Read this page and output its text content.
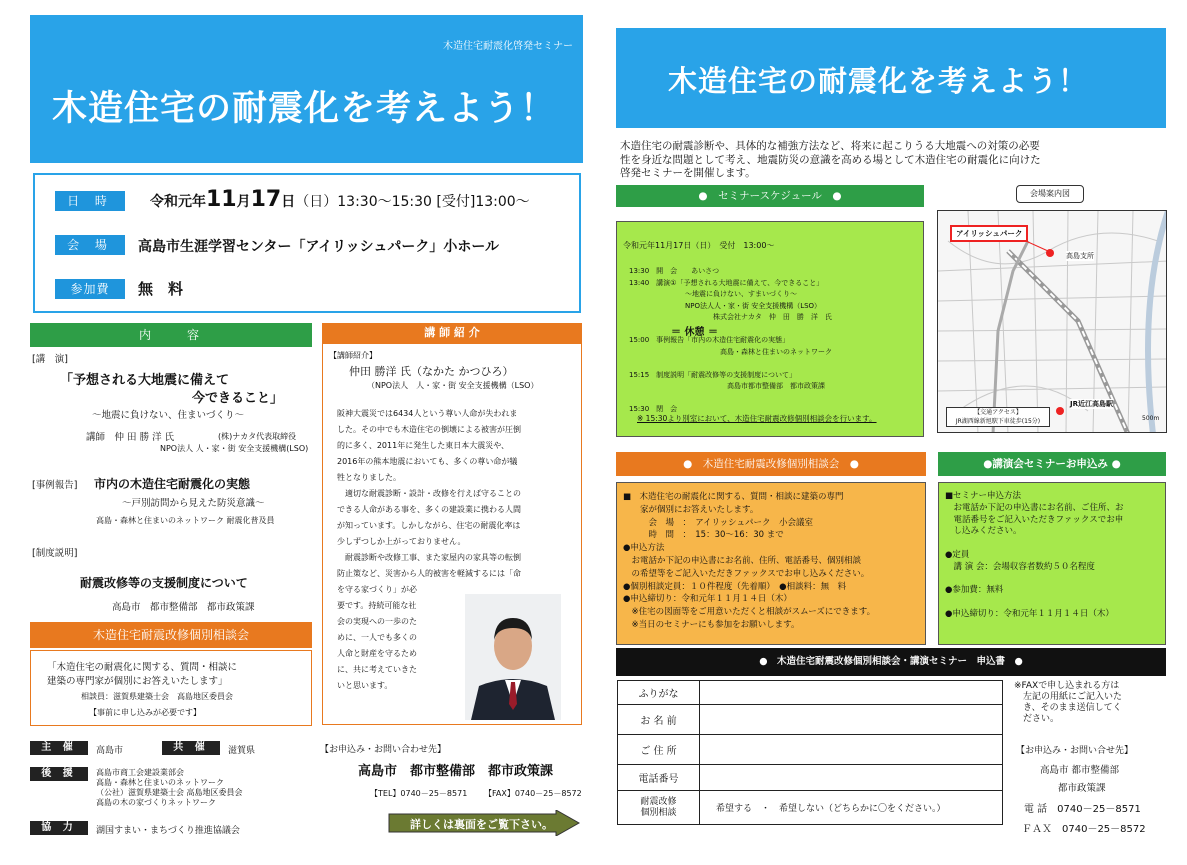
木造住宅耐震化啓発セミナー
木造住宅の耐震化を考えよう！
日 時	令和元年11月17日（日）13:30～15:30 [受付]13:00～
会 場	高島市生涯学習センター「アイリッシュパーク」小ホール
参加費	無　料
内　　容
[講　演]
「予想される大地震に備えて
今できること」
～地震に負けない、住まいづくり～
講師　 仲 田 勝 洋 氏	(株)ナカタ代表取締役
NPO法人 人・家・街 安全支援機構(LSO)
[事例報告] 市内の木造住宅耐震化の実態
～戸別訪問から見えた防災意識～
高島・森林と住まいのネットワーク 耐震化普及員
[制度説明]
耐震改修等の支援制度について
高島市　都市整備部　都市政策課
木造住宅耐震改修個別相談会
「木造住宅の耐震化に関する、質問・相談に
建築の専門家が個別にお答えいたします」
相談員：滋賀県建築士会　高島地区委員会
【事前に申し込みが必要です】
講 師 紹 介
【講師紹介】
仲田 勝洋 氏（なかた かつひろ）
（NPO法人　人・家・街 安全支援機構（LSO）
阪神大震災では6434人という尊い人命が失われま
した。その中でも木造住宅の倒壊による被害が圧倒
的に多く、2011年に発生した東日本大震災や、
2016年の熊本地震においても、多くの尊い命が犠
牲となりました。
　適切な耐震診断・設計・改修を行えば守ることの
できる人命がある事を、多くの建設業に携わる人間
が知っています。しかしながら、住宅の耐震化率は
少しずつしか上がっておりません。
　耐震診断や改修工事、また家屋内の家具等の転倒
防止策など、災害から人的被害を軽減するには「命
を守る家づくり」が必
要です。持続可能な社
会の実現への一歩のた
めに、一人でも多くの
人命と財産を守るため
に、共に考えていきた
いと思います。
主 催	高島市	共 催	滋賀県
後 援	高島市商工会建設業部会
高島・森林と住まいのネットワーク
（公社）滋賀県建築士会 高島地区委員会
高島の木の家づくりネットワーク
協 力	湖国すまい・まちづくり推進協議会
【お申込み・お問い合わせ先】
高島市　都市整備部　都市政策課
【TEL】0740－25－8571 【FAX】0740－25－8572
詳しくは裏面をご覧下さい。
木造住宅の耐震化を考えよう！
木造住宅の耐震診断や、具体的な補強方法など、将来に起こりうる大地震への対策の必要
性を身近な問題として考え、地震防災の意識を高める場として木造住宅の耐震化に向けた
啓発セミナーを開催します。
●　セミナースケジュール　●
令和元年11月17日（日）　受付　13:00～
13:30　開　会　　あいさつ
13:40　講演①「予想される大地震に備えて、今できること」
　　　　　　　　～地震に負けない、すまいづくり～
　　　　　　　　NPO法人人・家・街 安全支援機構（LSO）
　　　　　　　　　　　　株式会社ナカタ　仲　田　勝　洋　氏
＝ 休憩 ＝
15:00　事例報告「市内の木造住宅耐震化の実態」
　　　　　　　　　　　　　高島・森林と住まいのネットワーク
15:15　制度説明「耐震改修等の支援制度について」
　　　　　　　　　　　　　　高島市都市整備部　都市政策課
15:30　閉　会
※ 15:30より別室において、木造住宅耐震改修個別相談会を行います。
会場案内図
アイリッシュパーク
高島支所
JR近江高島駅
【交通アクセス】
JR湖西線新旭駅下車徒歩(15分)	500m
●　木造住宅耐震改修個別相談会　●
■　木造住宅の耐震化に関する、質問・相談に建築の専門
　　家が個別にお答えいたします。
　　　会　場　：　アイリッシュパーク　小会議室
　　　時　間　：　15：30～16：30 まで
●申込方法
　お電話か下記の申込書にお名前、住所、電話番号、個別相談
　の希望等をご記入いただきファックスでお申し込みください。
●個別相談定員：１０件程度（先着順）　●相談料：無　料
●申込締切り：令和元年１１月１４日（木）
　※住宅の図面等をご用意いただくと相談がスムーズにできます。
　※当日のセミナーにも参加をお願いします。
●講演会セミナーお申込み ●
■セミナー申込方法
　お電話か下記の申込書にお名前、ご住所、お
　電話番号をご記入いただきファックスでお申
　し込みください。
●定員
　講 演 会：会場収容者数約５０名程度
●参加費：無料
●申込締切り：令和元年１１月１４日（木）
●　木造住宅耐震改修個別相談会・講演セミナー　申込書　●
ふりがな	
お 名 前	
ご 住 所	
電話番号	

耐震改修
個別相談	希望する　・　希望しない（どちらかに〇をください。）
※FAXで申し込まれる方は
　左記の用紙にご記入いた
　き、そのまま送信してく
　ださい。
【お申込み・お問い合せ先】
高島市 都市整備部
都市政策課
電 話　0740－25－8571
ＦＡＸ　0740－25－8572
